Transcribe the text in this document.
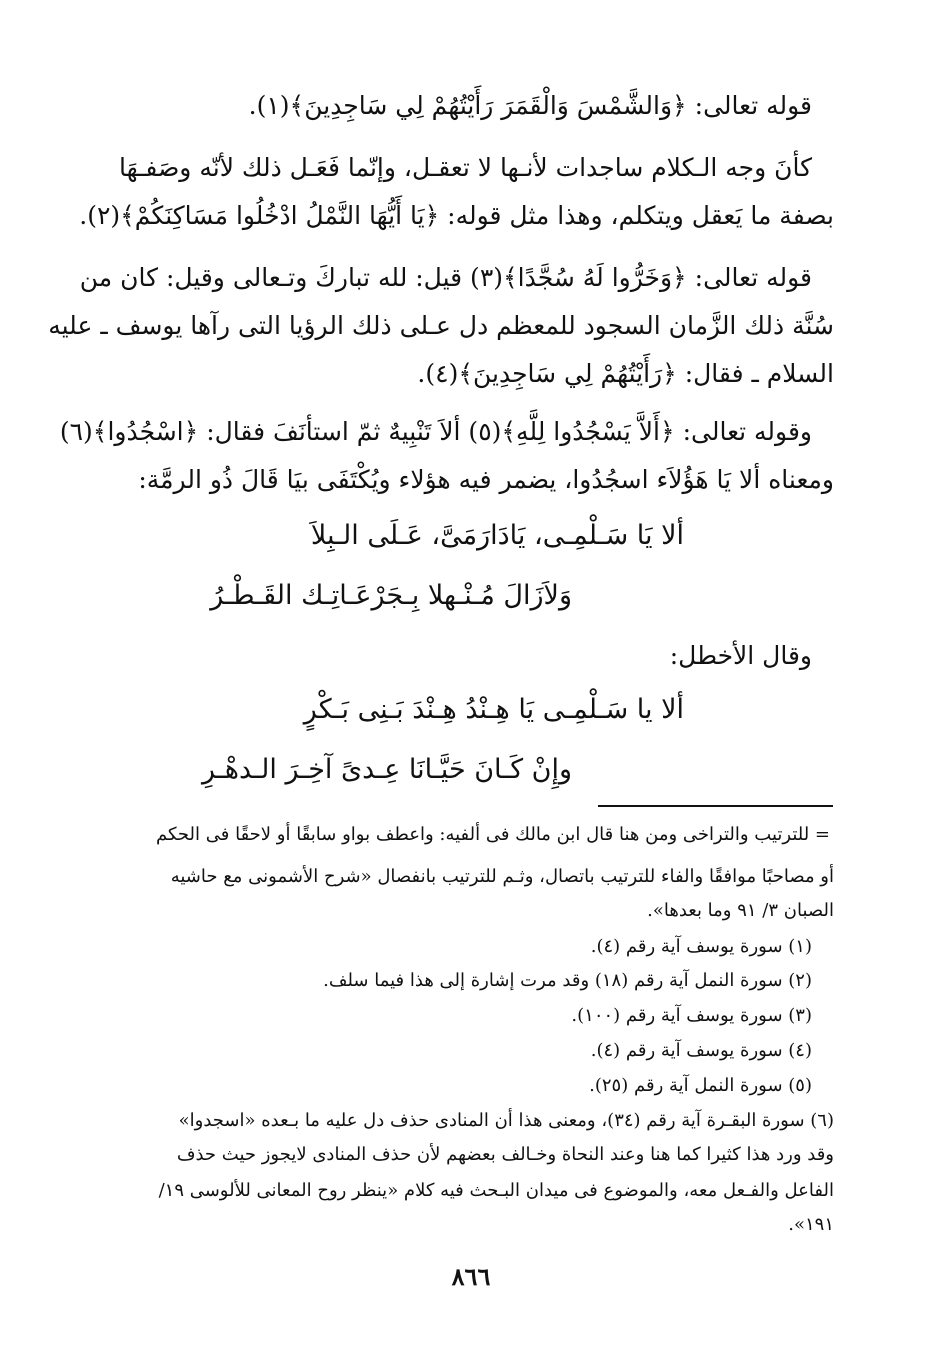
قوله تعالى: ﴿وَالشَّمْسَ وَالْقَمَرَ رَأَيْتُهُمْ لِي سَاجِدِينَ﴾(١).
كأنَ وجه الـكلام ساجدات لأنـها لا تعقـل، وإنّما فَعَـل ذلك لأنّه وصَفـهَا
بصفة ما يَعقل ويتكلم، وهذا مثل قوله: ﴿يَا أَيُّهَا النَّمْلُ ادْخُلُوا مَسَاكِنَكُمْ﴾(٢).
قوله تعالى: ﴿وَخَرُّوا لَهُ سُجَّدًا﴾(٣) قيل: لله تباركَ وتـعالى وقيل: كان من
سُنَّة ذلك الزَّمان السجود للمعظم دل عـلى ذلك الرؤيا التى رآها يوسف ـ عليه
السلام ـ فقال: ﴿رَأَيْتُهُمْ لِي سَاجِدِينَ﴾(٤).
وقوله تعالى: ﴿أَلاَّ يَسْجُدُوا لِلَّهِ﴾(٥) ألاَ تَنْبِيهٌ ثمّ استأنَفَ فقال: ﴿اسْجُدُوا﴾(٦)
ومعناه ألا يَا هَؤُلاَء اسجُدُوا، يضمر فيه هؤلاء ويُكْتَفَى بيَا قَالَ ذُو الرمَّة:
ألا يَا سَـلْمِـى، يَادَارَمَىَّ، عَـلَى الـبِلاَ
وَلاَزَالَ مُـنْـهلا بِـجَرْعَـاتِـك القَـطْـرُ
وقال الأخطل:
ألا يا سَـلْمِـى يَا هِـنْدُ هِـنْدَ بَـنِى بَـكْرٍ
وإِنْ كَـانَ حَيَّـانَا عِـدىً آخِـرَ الـدهْـرِ
= للترتيب والتراخى ومن هنا قال ابن مالك فى ألفيه: واعطف بواو سابقًا أو لاحقًا فى الحكم
أو مصاحبًا موافقًا والفاء للترتيب باتصال، وثـم للترتيب بانفصال «شرح الأشمونى مع حاشيه
الصبان ٣/ ٩١ وما بعدها».
(١) سورة يوسف آية رقم (٤).
(٢) سورة النمل آية رقم (١٨) وقد مرت إشارة إلى هذا فيما سلف.
(٣) سورة يوسف آية رقم (١٠٠).
(٤) سورة يوسف آية رقم (٤).
(٥) سورة النمل آية رقم (٢٥).
(٦) سورة البقـرة آية رقم (٣٤)، ومعنى هذا أن المنادى حذف دل عليه ما بـعده «اسجدوا»
وقد ورد هذا كثيرا كما هنا وعند النحاة وخـالف بعضهم لأن حذف المنادى لايجوز حيث حذف
الفاعل والفـعل معه، والموضوع فى ميدان البـحث فيه كلام «ينظر روح المعانى للألوسى ١٩/
١٩١».
٨٦٦
